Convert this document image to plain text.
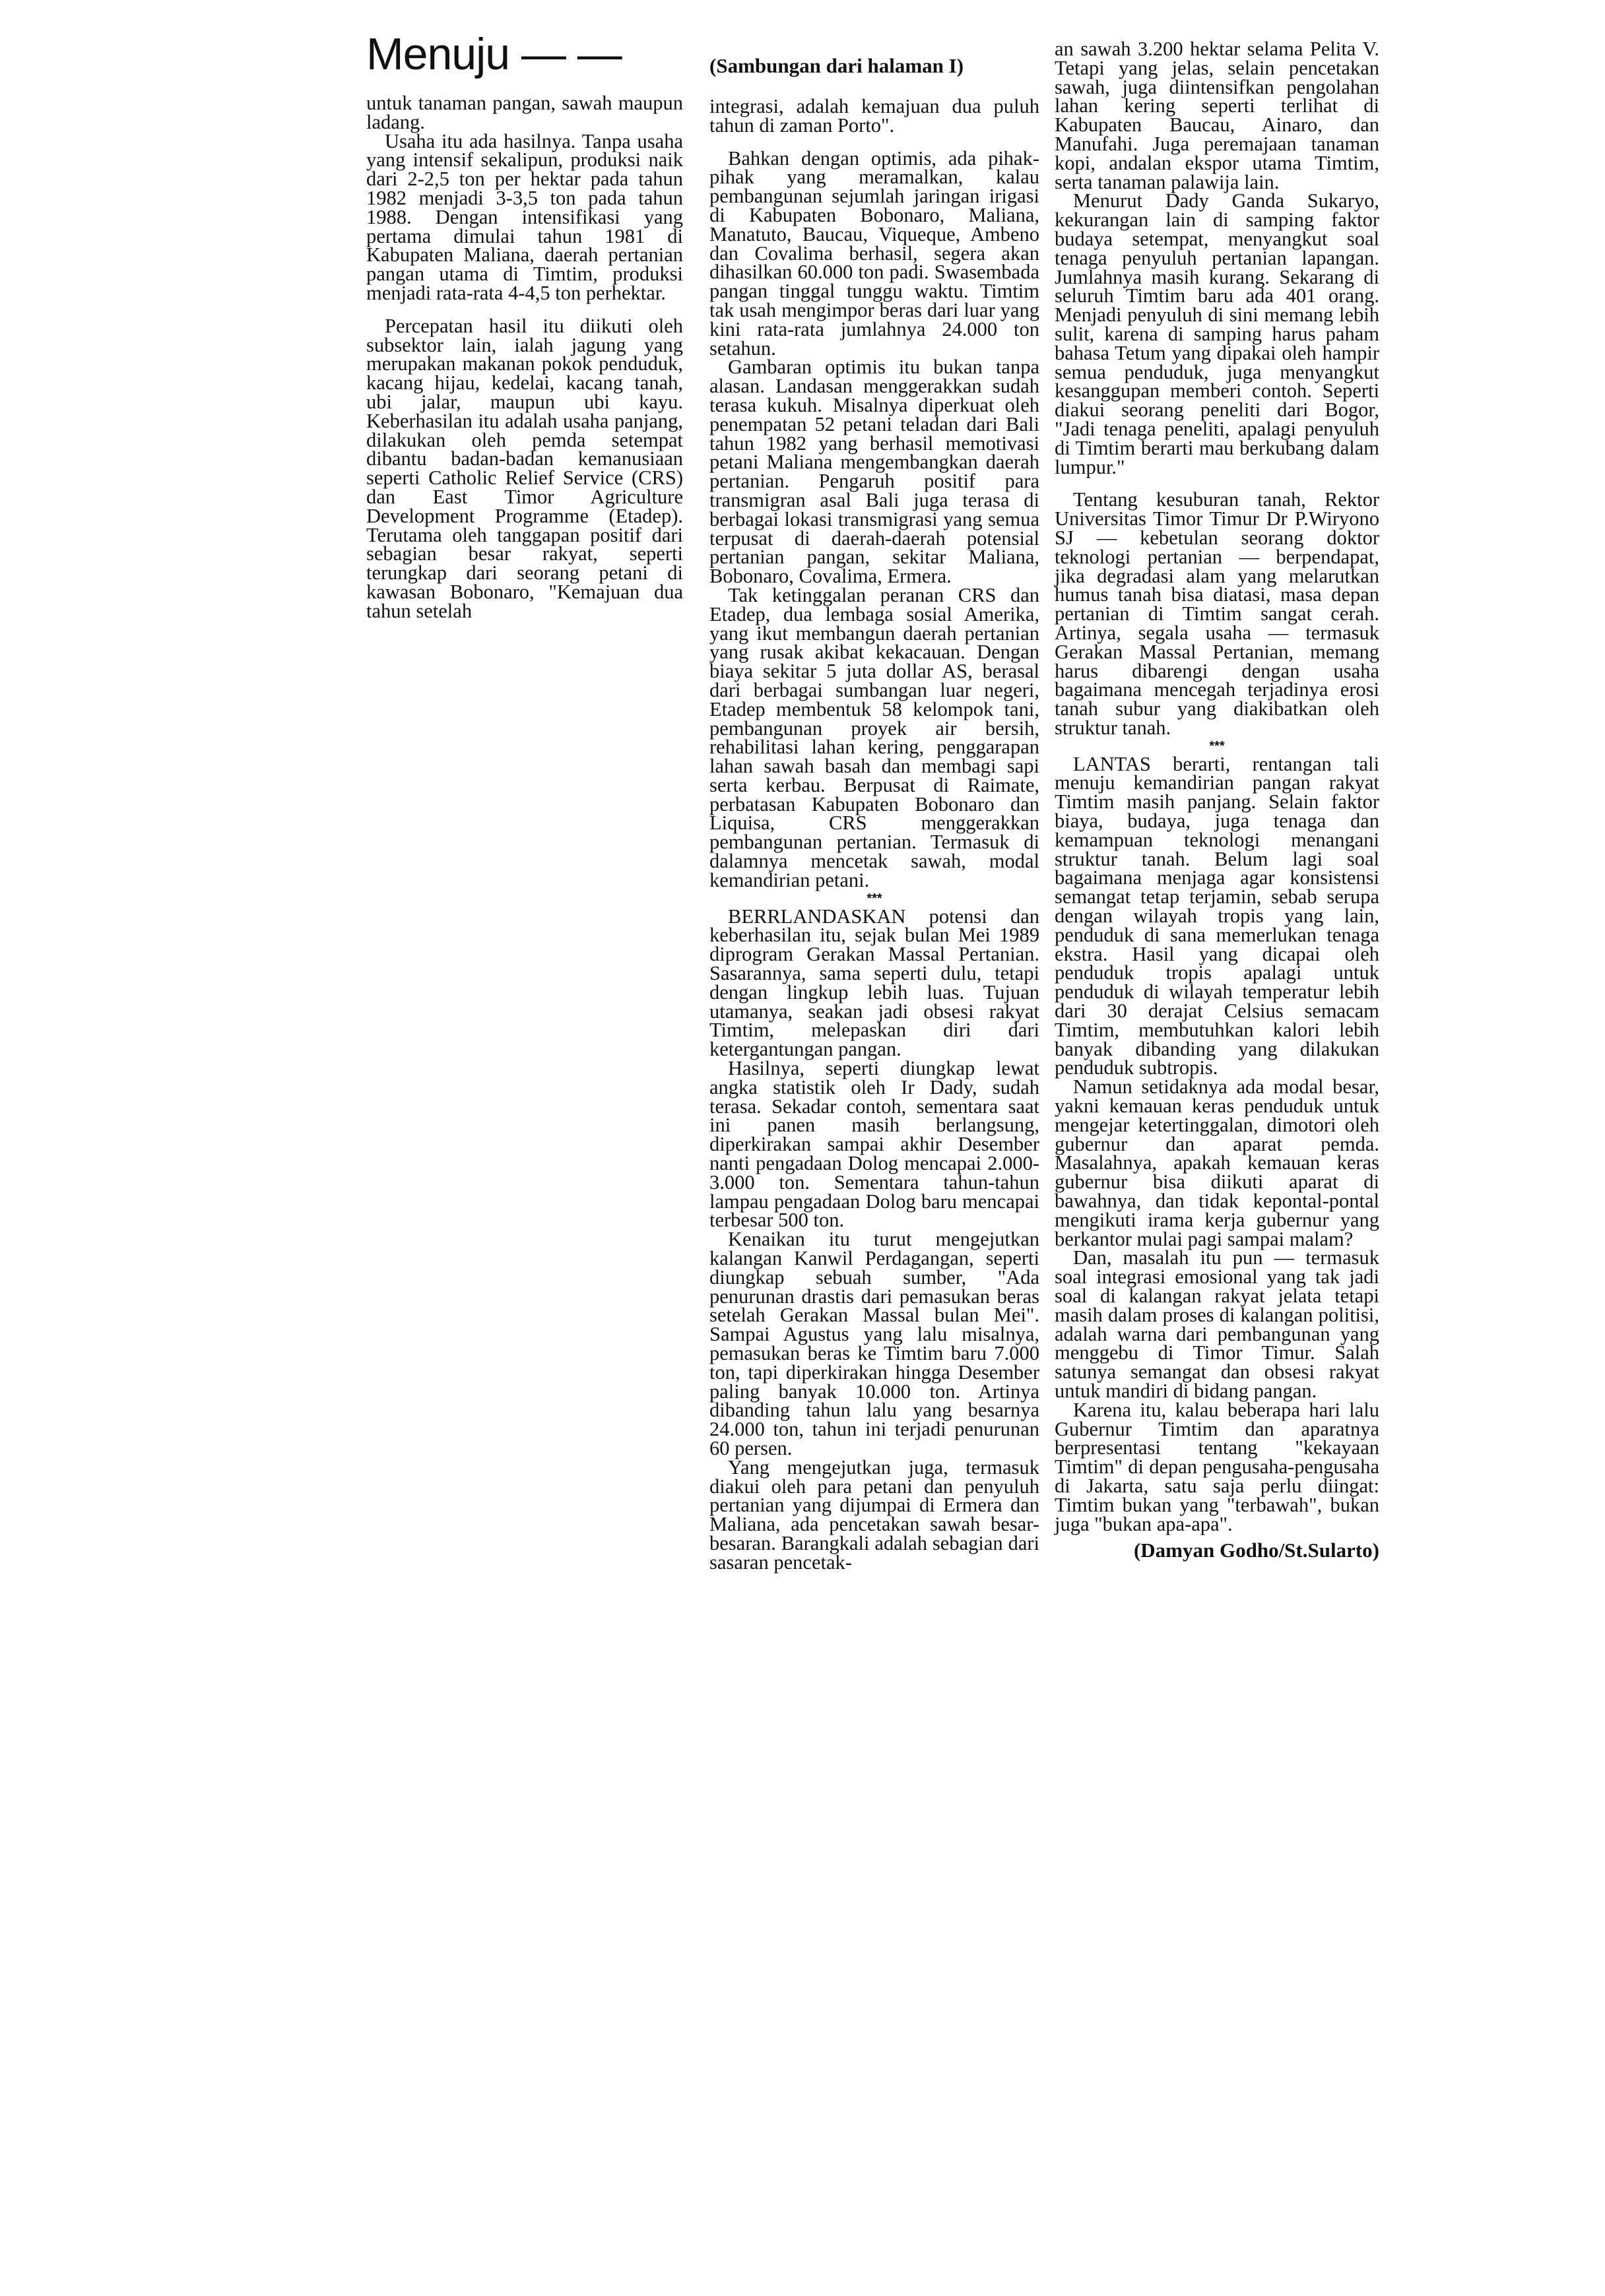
Menuju — —	(Sambungan dari halaman I)

untuk tanaman pangan, sawah maupun ladang.

Usaha itu ada hasilnya. Tanpa usaha yang intensif sekalipun, produksi naik dari 2-2,5 ton per hektar pada tahun 1982 menjadi 3-3,5 ton pada tahun 1988. Dengan intensifikasi yang pertama dimulai tahun 1981 di Kabupaten Maliana, daerah pertanian pangan utama di Timtim, produksi menjadi rata-rata 4-4,5 ton perhektar.

Percepatan hasil itu diikuti oleh subsektor lain, ialah jagung yang merupakan makanan pokok penduduk, kacang hijau, kedelai, kacang tanah, ubi jalar, maupun ubi kayu. Keberhasilan itu adalah usaha panjang, dilakukan oleh pemda setempat dibantu badan-badan kemanusiaan seperti Catholic Relief Service (CRS) dan East Timor Agriculture Development Programme (Etadep). Terutama oleh tanggapan positif dari sebagian besar rakyat, seperti terungkap dari seorang petani di kawasan Bobonaro, "Kemajuan dua tahun setelah

integrasi, adalah kemajuan dua puluh tahun di zaman Porto".

Bahkan dengan optimis, ada pihak-pihak yang meramalkan, kalau pembangunan sejumlah jaringan irigasi di Kabupaten Bobonaro, Maliana, Manatuto, Baucau, Viqueque, Ambeno dan Covalima berhasil, segera akan dihasilkan 60.000 ton padi. Swasembada pangan tinggal tunggu waktu. Timtim tak usah mengimpor beras dari luar yang kini rata-rata jumlahnya 24.000 ton setahun.

Gambaran optimis itu bukan tanpa alasan. Landasan menggerakkan sudah terasa kukuh. Misalnya diperkuat oleh penempatan 52 petani teladan dari Bali tahun 1982 yang berhasil memotivasi petani Maliana mengembangkan daerah pertanian. Pengaruh positif para transmigran asal Bali juga terasa di berbagai lokasi transmigrasi yang semua terpusat di daerah-daerah potensial pertanian pangan, sekitar Maliana, Bobonaro, Covalima, Ermera.

Tak ketinggalan peranan CRS dan Etadep, dua lembaga sosial Amerika, yang ikut membangun daerah pertanian yang rusak akibat kekacauan. Dengan biaya sekitar 5 juta dollar AS, berasal dari berbagai sumbangan luar negeri, Etadep membentuk 58 kelompok tani, pembangunan proyek air bersih, rehabilitasi lahan kering, penggarapan lahan sawah basah dan membagi sapi serta kerbau. Berpusat di Raimate, perbatasan Kabupaten Bobonaro dan Liquisa, CRS menggerakkan pembangunan pertanian. Termasuk di dalamnya mencetak sawah, modal kemandirian petani.

***

BERRLANDASKAN potensi dan keberhasilan itu, sejak bulan Mei 1989 diprogram Gerakan Massal Pertanian. Sasarannya, sama seperti dulu, tetapi dengan lingkup lebih luas. Tujuan utamanya, seakan jadi obsesi rakyat Timtim, melepaskan diri dari ketergantungan pangan.

Hasilnya, seperti diungkap lewat angka statistik oleh Ir Dady, sudah terasa. Sekadar contoh, sementara saat ini panen masih berlangsung, diperkirakan sampai akhir Desember nanti pengadaan Dolog mencapai 2.000-3.000 ton. Sementara tahun-tahun lampau pengadaan Dolog baru mencapai terbesar 500 ton.

Kenaikan itu turut mengejutkan kalangan Kanwil Perdagangan, seperti diungkap sebuah sumber, "Ada penurunan drastis dari pemasukan beras setelah Gerakan Massal bulan Mei". Sampai Agustus yang lalu misalnya, pemasukan beras ke Timtim baru 7.000 ton, tapi diperkirakan hingga Desember paling banyak 10.000 ton. Artinya dibanding tahun lalu yang besarnya 24.000 ton, tahun ini terjadi penurunan 60 persen.

Yang mengejutkan juga, termasuk diakui oleh para petani dan penyuluh pertanian yang dijumpai di Ermera dan Maliana, ada pencetakan sawah besar-besaran. Barangkali adalah sebagian dari sasaran pencetak-

an sawah 3.200 hektar selama Pelita V. Tetapi yang jelas, selain pencetakan sawah, juga diintensifkan pengolahan lahan kering seperti terlihat di Kabupaten Baucau, Ainaro, dan Manufahi. Juga peremajaan tanaman kopi, andalan ekspor utama Timtim, serta tanaman palawija lain.

Menurut Dady Ganda Sukaryo, kekurangan lain di samping faktor budaya setempat, menyangkut soal tenaga penyuluh pertanian lapangan. Jumlahnya masih kurang. Sekarang di seluruh Timtim baru ada 401 orang. Menjadi penyuluh di sini memang lebih sulit, karena di samping harus paham bahasa Tetum yang dipakai oleh hampir semua penduduk, juga menyangkut kesanggupan memberi contoh. Seperti diakui seorang peneliti dari Bogor, "Jadi tenaga peneliti, apalagi penyuluh di Timtim berarti mau berkubang dalam lumpur."

Tentang kesuburan tanah, Rektor Universitas Timor Timur Dr P.Wiryono SJ — kebetulan seorang doktor teknologi pertanian — berpendapat, jika degradasi alam yang melarutkan humus tanah bisa diatasi, masa depan pertanian di Timtim sangat cerah. Artinya, segala usaha — termasuk Gerakan Massal Pertanian, memang harus dibarengi dengan usaha bagaimana mencegah terjadinya erosi tanah subur yang diakibatkan oleh struktur tanah.

***

LANTAS berarti, rentangan tali menuju kemandirian pangan rakyat Timtim masih panjang. Selain faktor biaya, budaya, juga tenaga dan kemampuan teknologi menangani struktur tanah. Belum lagi soal bagaimana menjaga agar konsistensi semangat tetap terjamin, sebab serupa dengan wilayah tropis yang lain, penduduk di sana memerlukan tenaga ekstra. Hasil yang dicapai oleh penduduk tropis apalagi untuk penduduk di wilayah temperatur lebih dari 30 derajat Celsius semacam Timtim, membutuhkan kalori lebih banyak dibanding yang dilakukan penduduk subtropis.

Namun setidaknya ada modal besar, yakni kemauan keras penduduk untuk mengejar ketertinggalan, dimotori oleh gubernur dan aparat pemda. Masalahnya, apakah kemauan keras gubernur bisa diikuti aparat di bawahnya, dan tidak kepontal-pontal mengikuti irama kerja gubernur yang berkantor mulai pagi sampai malam?

Dan, masalah itu pun — termasuk soal integrasi emosional yang tak jadi soal di kalangan rakyat jelata tetapi masih dalam proses di kalangan politisi, adalah warna dari pembangunan yang menggebu di Timor Timur. Salah satunya semangat dan obsesi rakyat untuk mandiri di bidang pangan.

Karena itu, kalau beberapa hari lalu Gubernur Timtim dan aparatnya berpresentasi tentang "kekayaan Timtim" di depan pengusaha-pengusaha di Jakarta, satu saja perlu diingat: Timtim bukan yang "terbawah", bukan juga "bukan apa-apa".

(Damyan Godho/St.Sularto)
